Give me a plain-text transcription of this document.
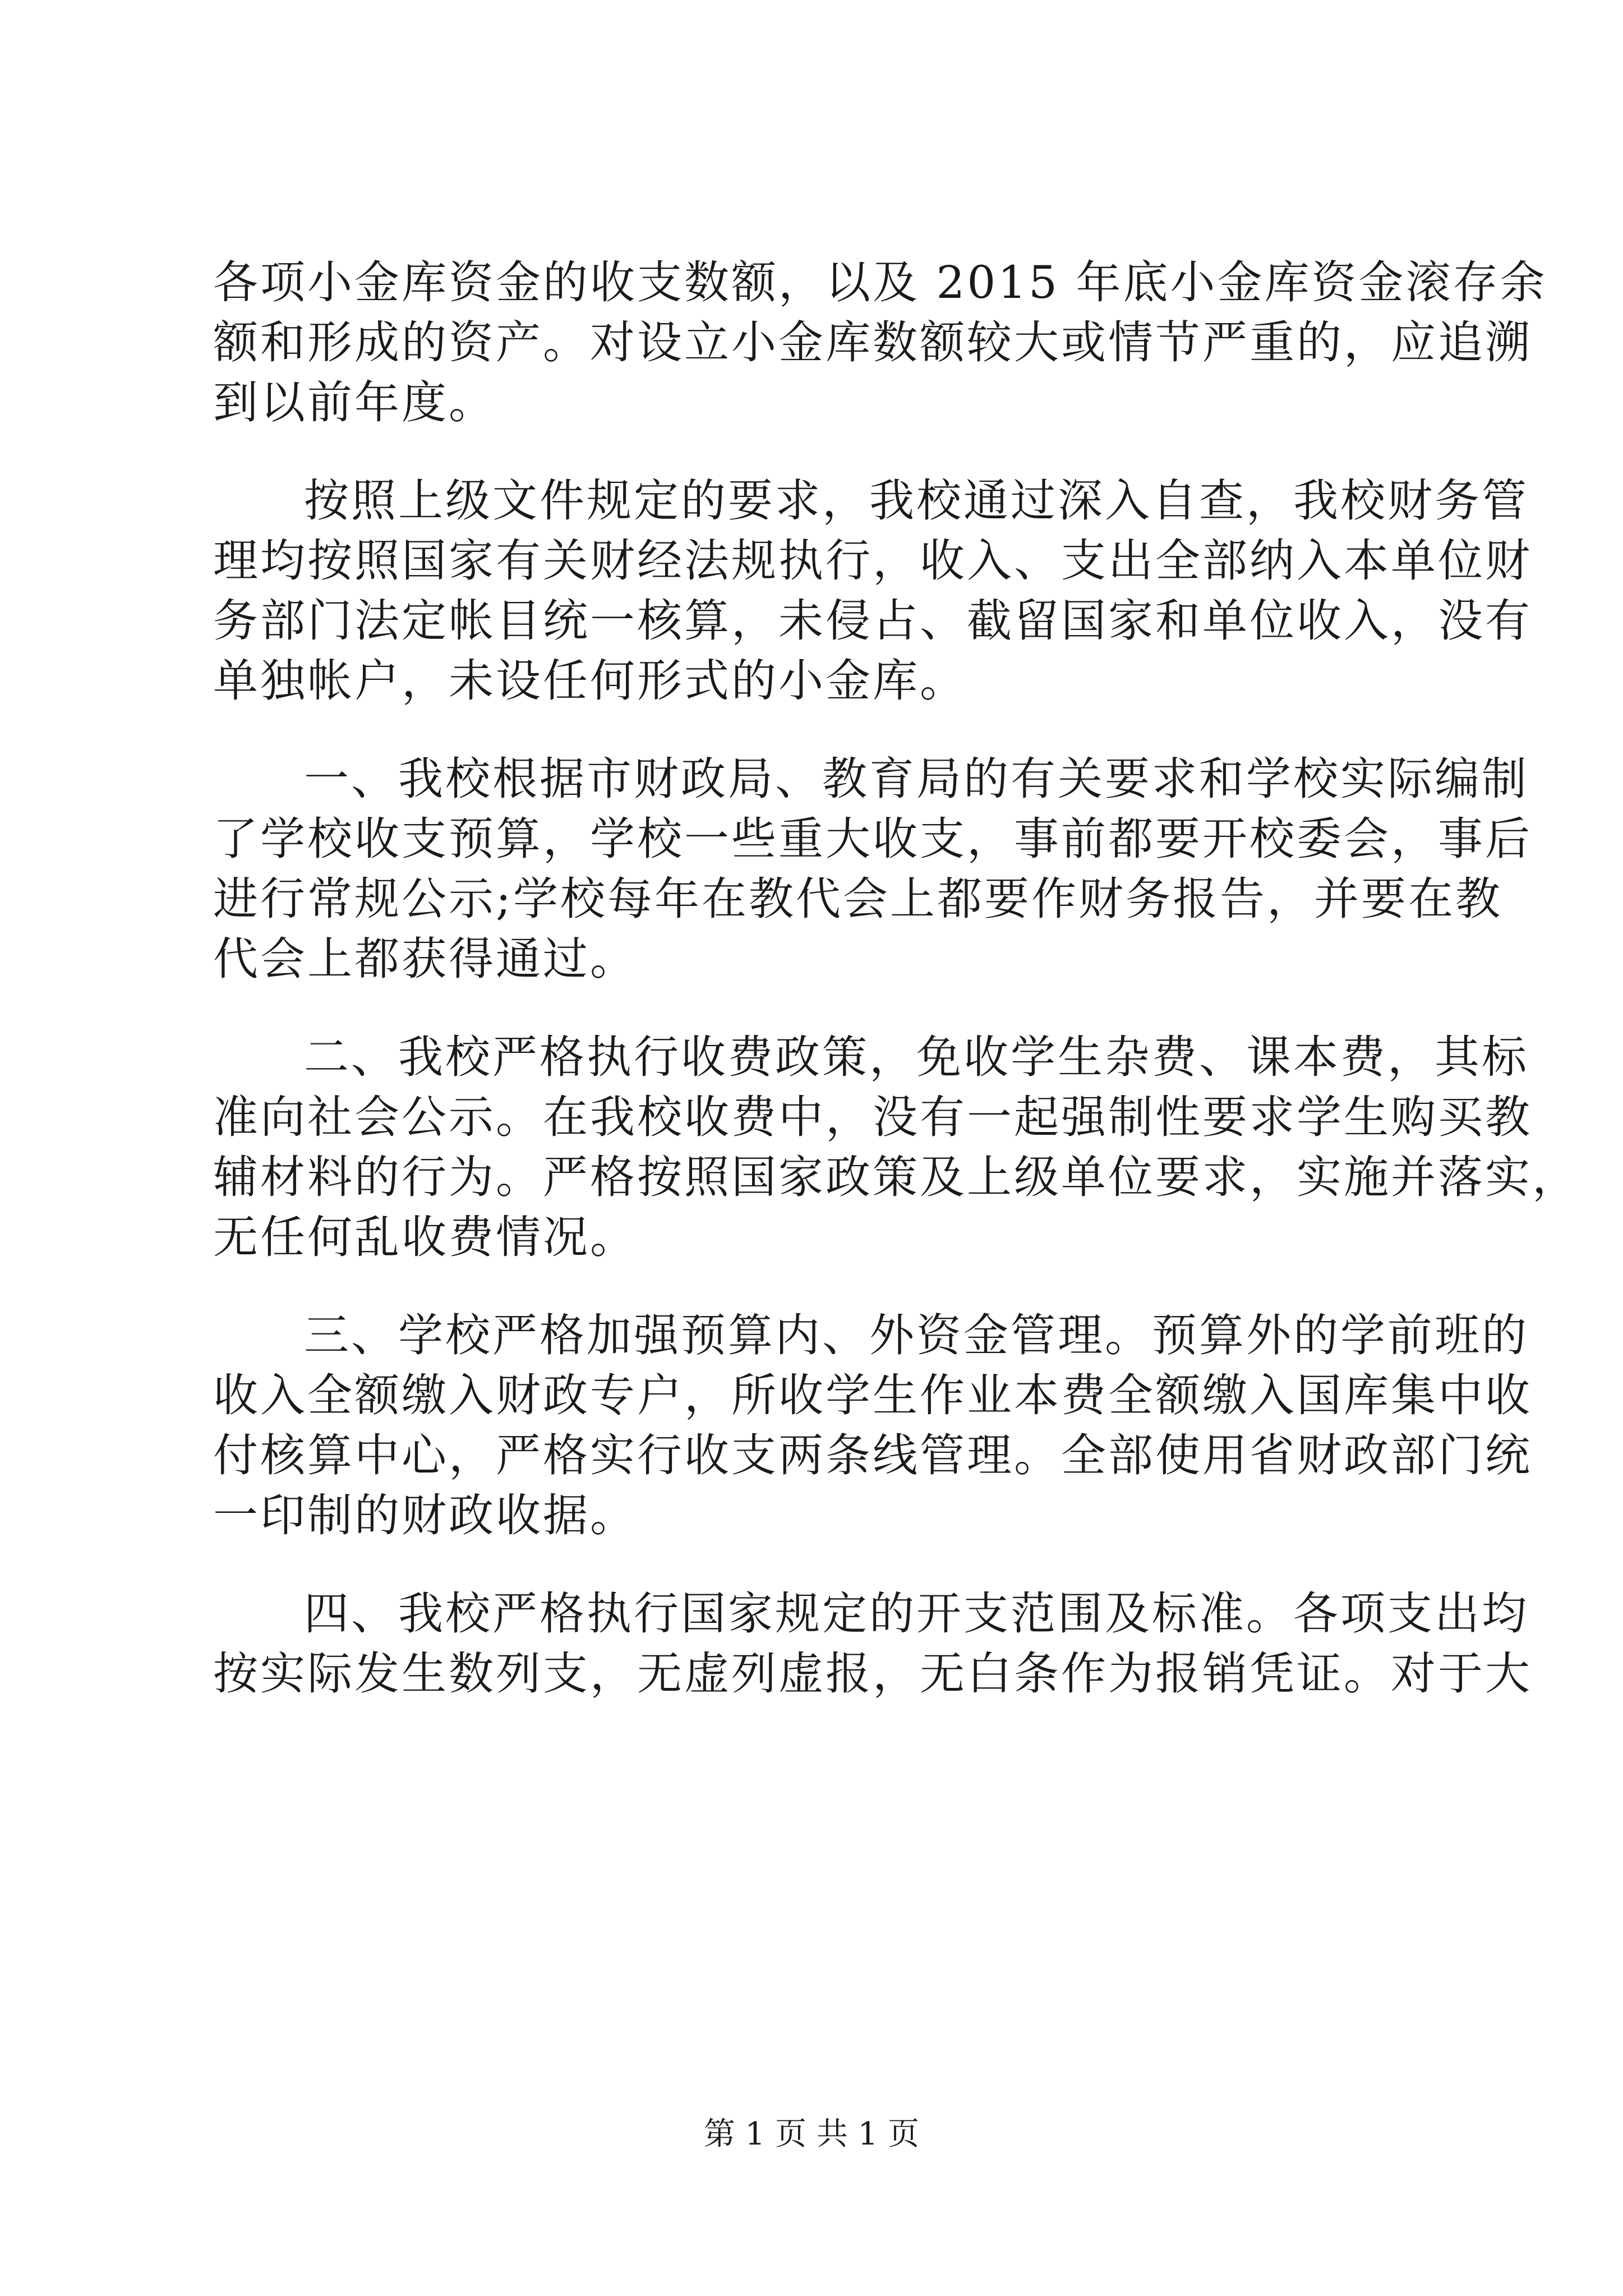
各项小金库资金的收支数额，以及 2015 年底小金库资金滚存余
额和形成的资产。对设立小金库数额较大或情节严重的，应追溯
到以前年度。
按照上级文件规定的要求，我校通过深入自查，我校财务管
理均按照国家有关财经法规执行，收入、支出全部纳入本单位财
务部门法定帐目统一核算，未侵占、截留国家和单位收入，没有
单独帐户，未设任何形式的小金库。
一、我校根据市财政局、教育局的有关要求和学校实际编制
了学校收支预算，学校一些重大收支，事前都要开校委会，事后
进行常规公示;学校每年在教代会上都要作财务报告，并要在教
代会上都获得通过。
二、我校严格执行收费政策，免收学生杂费、课本费，其标
准向社会公示。在我校收费中，没有一起强制性要求学生购买教
辅材料的行为。严格按照国家政策及上级单位要求，实施并落实，
无任何乱收费情况。
三、学校严格加强预算内、外资金管理。预算外的学前班的
收入全额缴入财政专户，所收学生作业本费全额缴入国库集中收
付核算中心，严格实行收支两条线管理。全部使用省财政部门统
一印制的财政收据。
四、我校严格执行国家规定的开支范围及标准。各项支出均
按实际发生数列支，无虚列虚报，无白条作为报销凭证。对于大
第 1 页 共 1 页
